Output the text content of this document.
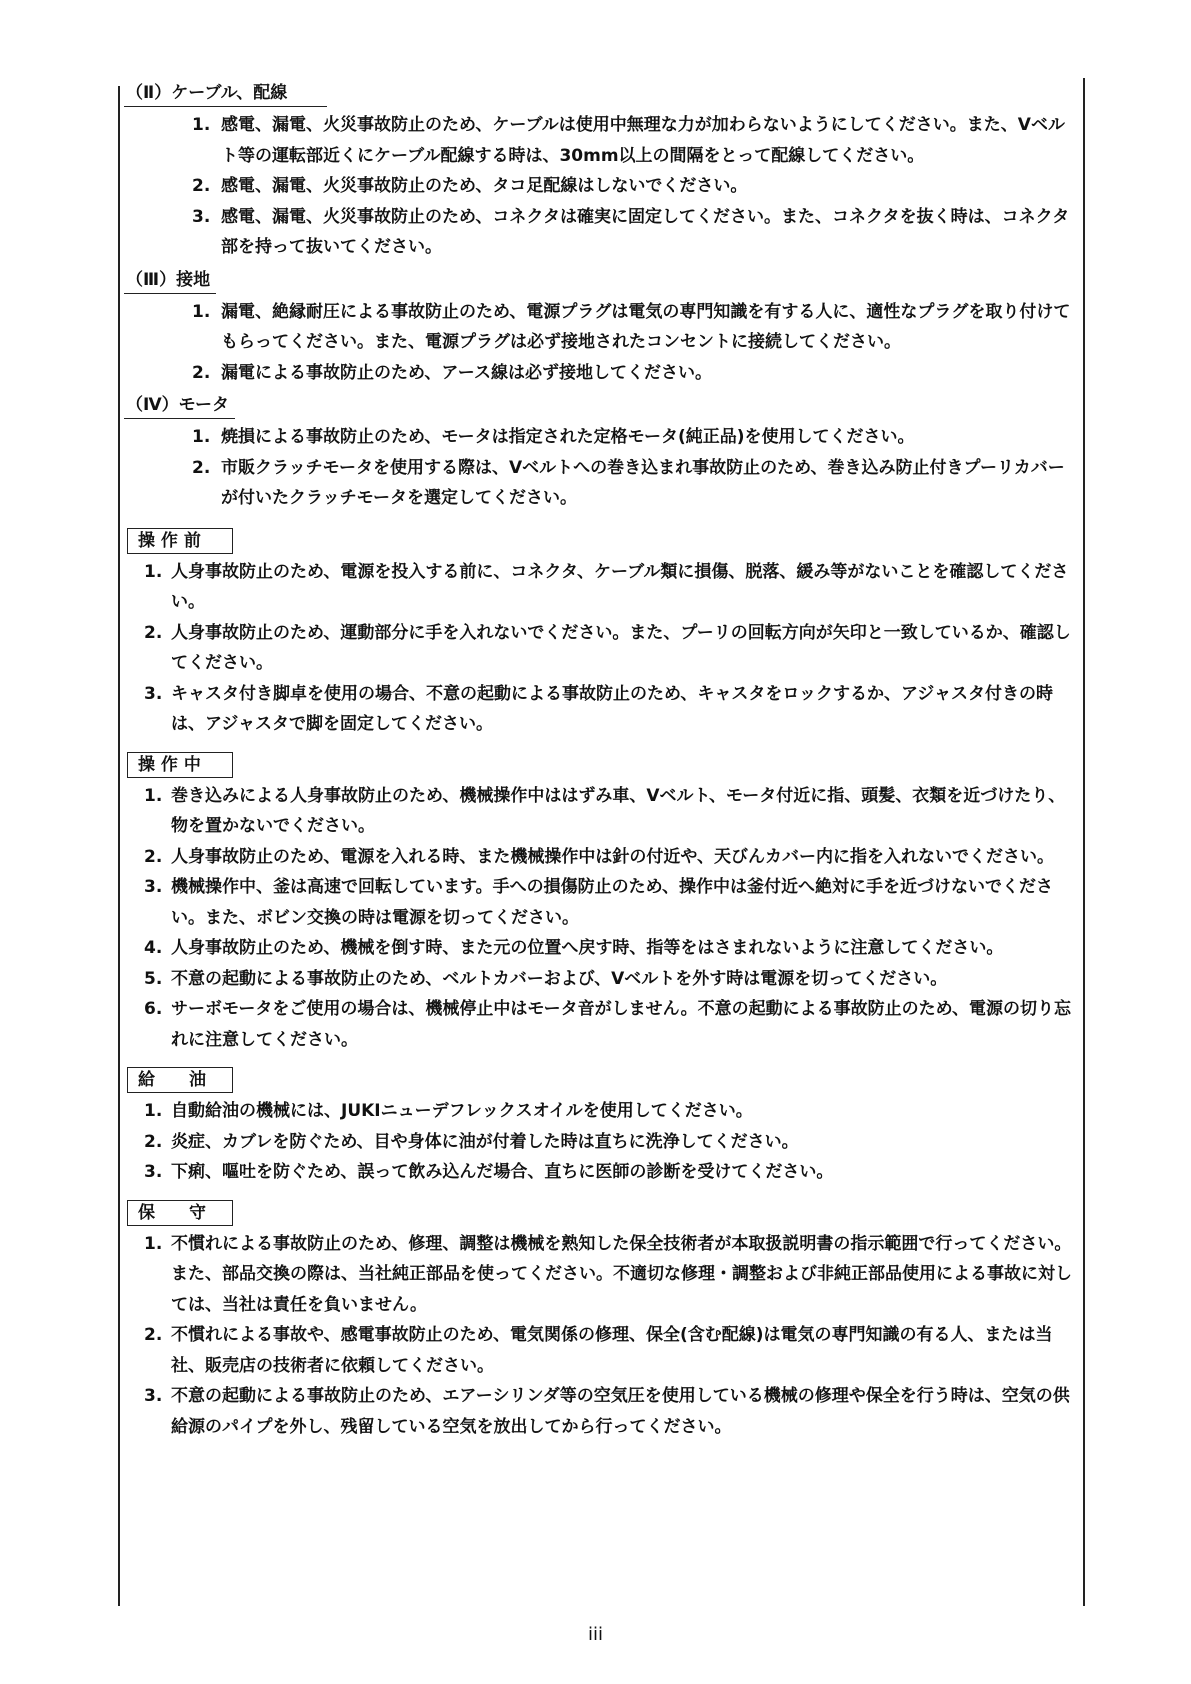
（Ⅱ）ケーブル、配線
1. 感電、漏電、火災事故防止のため、ケーブルは使用中無理な力が加わらないようにしてください。また、Vベルト等の運転部近くにケーブル配線する時は、30mm以上の間隔をとって配線してください。
2. 感電、漏電、火災事故防止のため、タコ足配線はしないでください。
3. 感電、漏電、火災事故防止のため、コネクタは確実に固定してください。また、コネクタを抜く時は、コネクタ部を持って抜いてください。
（Ⅲ）接地
1. 漏電、絶縁耐圧による事故防止のため、電源プラグは電気の専門知識を有する人に、適性なプラグを取り付けてもらってください。また、電源プラグは必ず接地されたコンセントに接続してください。
2. 漏電による事故防止のため、アース線は必ず接地してください。
（Ⅳ）モータ
1. 焼損による事故防止のため、モータは指定された定格モータ(純正品)を使用してください。
2. 市販クラッチモータを使用する際は、Vベルトへの巻き込まれ事故防止のため、巻き込み防止付きプーリカバーが付いたクラッチモータを選定してください。
操 作 前
1. 人身事故防止のため、電源を投入する前に、コネクタ、ケーブル類に損傷、脱落、緩み等がないことを確認してください。
2. 人身事故防止のため、運動部分に手を入れないでください。また、プーリの回転方向が矢印と一致しているか、確認してください。
3. キャスタ付き脚卓を使用の場合、不意の起動による事故防止のため、キャスタをロックするか、アジャスタ付きの時は、アジャスタで脚を固定してください。
操 作 中
1. 巻き込みによる人身事故防止のため、機械操作中ははずみ車、Vベルト、モータ付近に指、頭髪、衣類を近づけたり、物を置かないでください。
2. 人身事故防止のため、電源を入れる時、また機械操作中は針の付近や、天びんカバー内に指を入れないでください。
3. 機械操作中、釜は高速で回転しています。手への損傷防止のため、操作中は釜付近へ絶対に手を近づけないでください。また、ボビン交換の時は電源を切ってください。
4. 人身事故防止のため、機械を倒す時、また元の位置へ戻す時、指等をはさまれないように注意してください。
5. 不意の起動による事故防止のため、ベルトカバーおよび、Vベルトを外す時は電源を切ってください。
6. サーボモータをご使用の場合は、機械停止中はモータ音がしません。不意の起動による事故防止のため、電源の切り忘れに注意してください。
給　　油
1. 自動給油の機械には、JUKIニューデフレックスオイルを使用してください。
2. 炎症、カブレを防ぐため、目や身体に油が付着した時は直ちに洗浄してください。
3. 下痢、嘔吐を防ぐため、誤って飲み込んだ場合、直ちに医師の診断を受けてください。
保　　守
1. 不慣れによる事故防止のため、修理、調整は機械を熟知した保全技術者が本取扱説明書の指示範囲で行ってください。また、部品交換の際は、当社純正部品を使ってください。不適切な修理・調整および非純正部品使用による事故に対しては、当社は責任を負いません。
2. 不慣れによる事故や、感電事故防止のため、電気関係の修理、保全(含む配線)は電気の専門知識の有る人、または当社、販売店の技術者に依頼してください。
3. 不意の起動による事故防止のため、エアーシリンダ等の空気圧を使用している機械の修理や保全を行う時は、空気の供給源のパイプを外し、残留している空気を放出してから行ってください。
iii
